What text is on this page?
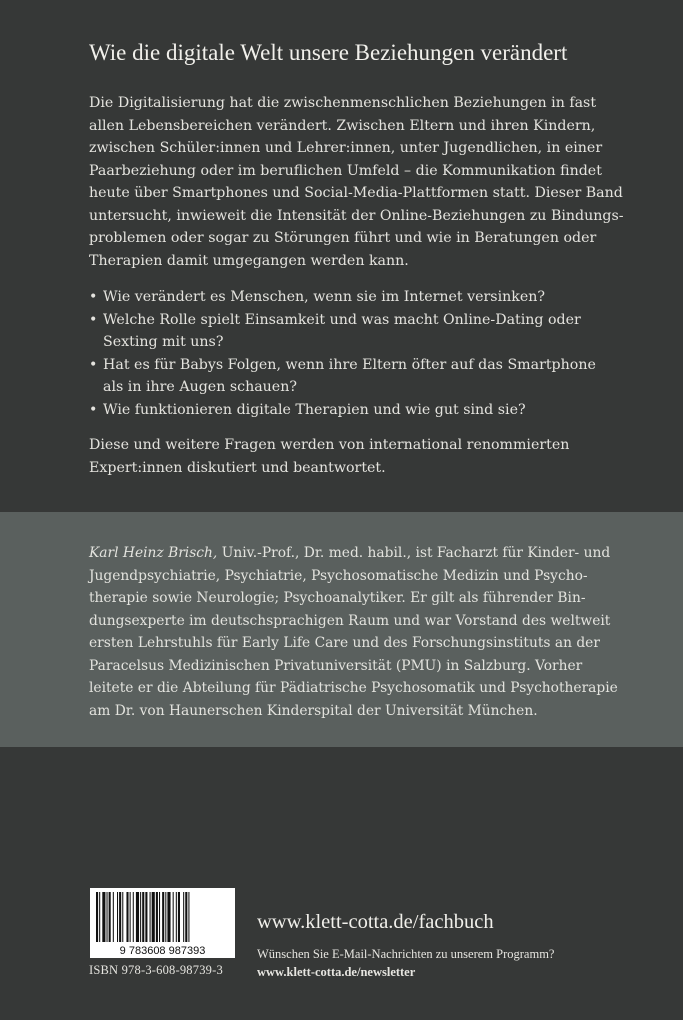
Wie die digitale Welt unsere Beziehungen verändert

Die Digitalisierung hat die zwischenmenschlichen Beziehungen in fast
allen Lebensbereichen verändert. Zwischen Eltern und ihren Kindern,
zwischen Schüler:innen und Lehrer:innen, unter Jugendlichen, in einer
Paarbeziehung oder im beruflichen Umfeld – die Kommunikation findet
heute über Smartphones und Social-Media-Plattformen statt. Dieser Band
untersucht, inwieweit die Intensität der Online-Beziehungen zu Bindungs-
problemen oder sogar zu Störungen führt und wie in Beratungen oder
Therapien damit umgegangen werden kann.

• Wie verändert es Menschen, wenn sie im Internet versinken?
• Welche Rolle spielt Einsamkeit und was macht Online-Dating oder
Sexting mit uns?
• Hat es für Babys Folgen, wenn ihre Eltern öfter auf das Smartphone
als in ihre Augen schauen?
• Wie funktionieren digitale Therapien und wie gut sind sie?

Diese und weitere Fragen werden von international renommierten
Expert:innen diskutiert und beantwortet.

Karl Heinz Brisch, Univ.-Prof., Dr. med. habil., ist Facharzt für Kinder- und
Jugendpsychiatrie, Psychiatrie, Psychosomatische Medizin und Psycho-
therapie sowie Neurologie; Psychoanalytiker. Er gilt als führender Bin-
dungsexperte im deutschsprachigen Raum und war Vorstand des weltweit
ersten Lehrstuhls für Early Life Care und des Forschungsinstituts an der
Paracelsus Medizinischen Privatuniversität (PMU) in Salzburg. Vorher
leitete er die Abteilung für Pädiatrische Psychosomatik und Psychotherapie
am Dr. von Haunerschen Kinderspital der Universität München.

9 783608 987393
ISBN 978-3-608-98739-3
www.klett-cotta.de/fachbuch
Wünschen Sie E-Mail-Nachrichten zu unserem Programm?
www.klett-cotta.de/newsletter
